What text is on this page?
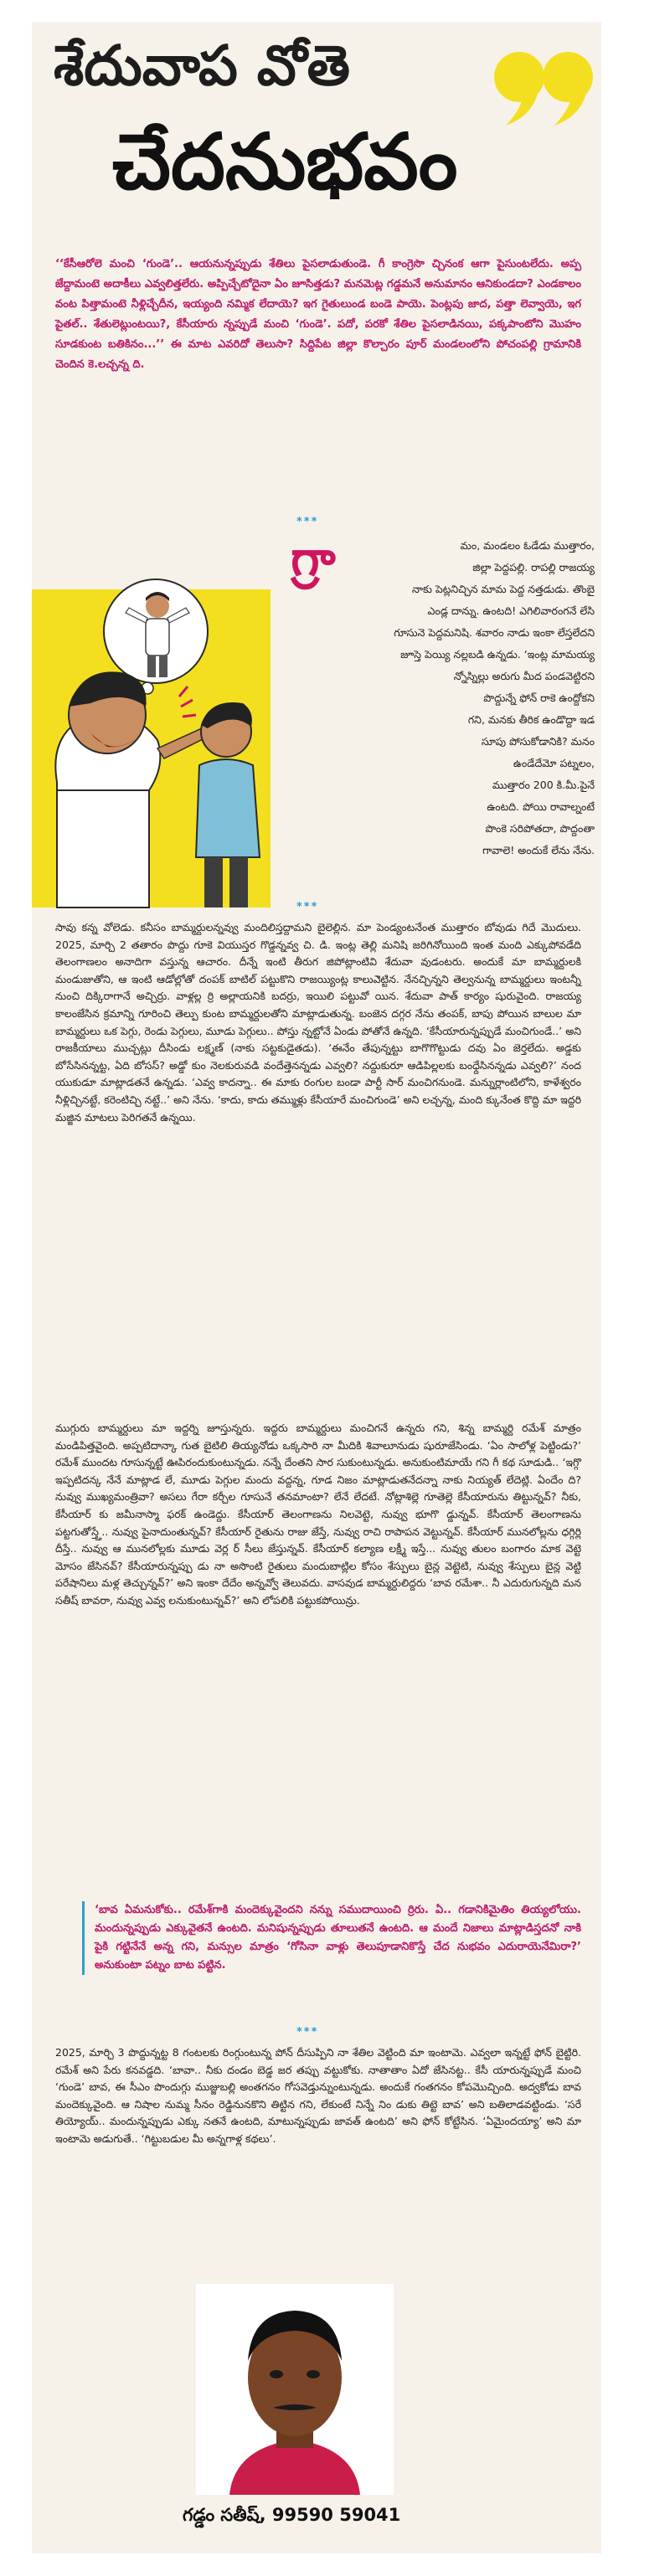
శేదువాప వోతె
చేదనుభవం
‘‘కేసీఆరోలె మంచి ‘గుండె’.. ఆయనున్నప్పుడు శేతిలు పైసలాడుతుండె. గీ కాంగ్రెసొ చ్చినంక ఆగా పైసుంటలేదు. అప్ప జేద్దామంటె అదాకీలు ఎవ్వలిత్తలేరు. అప్పిచ్చేటోదైనా ఏం జూసిత్తడు? మనమెట్ల గడ్డమనే అనుమానం ఆనికుండదా? ఎండకాలం వంట పిత్తామంటె నీళ్లిచ్చేదీన, ఇయ్యంది నమ్మిక లేదాయె? ఇగ గైతులుండ బండె పాయె. పెంట్లపు జాద, పత్తా లెవ్వాయె, ఇగ పైతల్‌.. శేతులెట్లుంటయి?, కేసీయారు న్నప్పుడే మంచి ‘గుండె’. పదో, పరకో శేతిల పైసలాడినయి, పక్కపాంటోని మొహం సూడకుంట బతికినం...’’ ఈ మాట ఎవరిదో తెలుసా? సిద్దిపేట జిల్లా కొల్చారం పూర్ మండలంలోని పోచంపల్లి గ్రామానికి చెందిన కె.లచ్చన్న ది.
***
గ్రా	మం, మండలం ఓడేడు ముత్తారం,
జిల్లా పెద్దపల్లి. రాపల్లి రాజయ్య
నాకు పెట్లనిచ్చిన మామ పెద్ద నత్తడుడు. తొంబై
ఎండ్ల దాన్ను. ఉంటది! ఎగిలివారంగనే లేసి
గూసునె పెద్దమనిషి. శవారం నాడు ఇంకా లేస్తలేదని
జూస్తె పెయ్యి నల్లబడి ఉన్నడు. ‘ఇంట్ల మామయ్య
న్నోస్నిల్లు అరుగు మీద పండవెట్టిరని
పొద్దున్నే ఫోన్ రాకె ఉంద్దోకని
గని, మనకు తీరిక ఉండొద్దా ఇడ
సూపు పోసుకోడానికి? మనం
ఉండేదేమో పట్నలం,
ముత్తారం 200 కి.మీ.పైనే
ఉంటది. పోయి రావాల్నంటే
పొంకె సరిపోతదా, పొద్దంతా
గావాలె! అందుకే లేను నేను.
***
సావు కన్న వోలెడు. కనీసం బామ్మర్దులన్నవ్వు మందిలిస్తద్దామని బైలెల్లిన. మా పెండ్యంటనేంత ముత్తారం బోవుడు గిదే మొదులు. 2025, మార్చి 2 తతారం పొద్దు గూకె వియుస్తర గొడ్డన్నవ్వ చి. డి. ఇంట్ల తెల్లి మనిషి జరిగినోయింది ఇంత మంది ఎక్కుపోవడేది తెలంగాణలం అనాదిగా వస్తున్న ఆచారం. దీన్నే ఇంటి తీరుగ జిపోట్లాంటివి శేదువా వుడంటరు. అందుకే మా బామ్మర్దులకి మండుజుతోని, ఆ ఇంటి ఆడోల్లోతో దంపక్ బాటిల్ పట్టుకొని రాజయ్యింట్ల కాలుఎెట్టిన. నేనచ్చిన్నని తెల్వనున్న బామ్మర్దులు ఇంటన్నీ నుంచి దిక్కిరాగానే అచ్చిర్రు. వాళ్లల్ల ర్రి అల్లాయనికి బదర్రు, ఇయిలి పట్టువో యిన. శేదువా పాత్‌ కార్యం షురువైంది. రాజయ్య కాలంజేసిన క్రమాన్ని గూరించి తెల్పు కుంట బామ్మర్దులతోని మాట్లాడుతున్న. బంజెన దగ్గర నేను తంపక్, బాపు పోయిన బాలుల మా బామ్మర్దులు ఒక పెగ్గు, రెండు పెగ్గులు, మూడు పెగ్గులు.. పోస్తు న్నట్టోనే ఏండు పోతోనే ఉన్నది. ‘కేసీయారున్నప్పుడే మంచిగుండే..’ అని రాజకీయాలు ముచ్చట్లు దీసిండు లక్ష్మణ్ (నాకు సట్టకుడైతడు). ‘ఈనేం తేపున్నట్టు బాగొగొట్టుడు దవు ఏం జెర్తలేదు. అడ్డకు బోసేసినన్నట్ట, ఏది బోసస్? అడ్డో కుం నెలకురువడి వందేత్తెనన్నడు ఎవ్వలి? నద్దుకురూ ఆడిపిల్లలకు బంధ్దేసినన్నడు ఎవ్వలి?’ నంద యుకుడూ మాట్లాడతనే ఉన్నడు. ‘ఎవ్వ కాదన్నా.. ఈ మాకు రంగుల బండా పార్టీ సార్ మంచిగనుండె. మన్నుర్లాంటిలోని, కాళేశ్వరం నీళ్లిచ్చినట్టే, కరెంటిచ్చి నట్టే..’ అని నేను. ‘కాదు, కాదు తమ్ముళ్లు కేసీయారే మంచిగుండె’ అని లచ్చన్న, మంది క్కునేంత కొద్ది మా ఇద్దరి మజ్జిన మాటలు పెరిగతనే ఉన్నయి.
ముగ్గురు బామ్మర్దులు మా ఇద్దర్ని జూస్తున్నరు. ఇద్దరు బామ్మర్దులు మంచిగనే ఉన్నరు గని, శిన్న బామ్మర్ది రమేశ్ మాత్రం మండిపిత్తవైంది. అప్పటిదాన్కా గుత బైటిలి తియ్యనోడు ఒక్కసారి నా మీదికి శివాలూనుడు షురూజేసిండు. ‘ఏం సాలోళ్ల పెట్టిండు?’ రమేశ్ ముందట గూసున్నట్టే ఊపిరందుకుంటున్నడు. నన్నే దేంతని సార సుకుంటున్నడు. అనుకుంటిమాయే గని గీ కథ సూడుడి.. ‘ఇగ్గొ ఇప్పటిదన్క నేనే మాట్లాడ లే, మూడు పెగ్గుల మందు వద్దన్న, గూడ నిజం మాట్లాడుతనేదన్నా నాకు నియ్యత్‌ లేదెట్లి. ఏందేం ది? నువ్వు ముఖ్యమంత్రివా? అసలు గేరా కర్చీల గూసునే తనమాంటా? లేనే లేదటే. నోట్లాశిల్లె గూతెల్లె కేసీయారును తిట్టున్నవ్‌? నీకు, కేసీయార్ కు జమీనాస్మా ఫరక్ ఉండెద్దు. కేసీయార్ తెలంగాణను నిలవెట్టె, నువ్వు భూగొ డ్డున్నవ్. కేసీయార్ తెలంగాణను పట్టగుతోస్త్తే.. నువ్వు పైనాదుంతున్నవ్‌? కేసీయార్ రైతును రాజు జేస్తే, నువ్వు రాచి రాపాపన వెట్టున్నవ్. కేసీయార్ మునలోల్లను ధగ్గిర్లి దీస్తే.. నువ్వు ఆ మునలోల్లకు మూడు వెర్ల ర్ సీలు జేస్తున్నవ్. కేసీయార్ కల్యాణ లక్ష్మీ ఇస్తే... నువ్వు తులం బంగారం మాక వెట్టె మోసం జేసినవ్? కేసీయారున్నప్పు డు నా అసొంటి రైతులు మందుబాట్లిల కోసం శేస్పులు బైన్ల వెట్టెటి, నువ్వు శేస్పులు బైన్ల వెట్టి పరేషానిలు మళ్ల తెచ్చున్నవ్?’ అని ఇంకా దేదేం అన్నవ్వో తెలువదు. వాసవుడ బామ్మర్దులిద్దరు ‘బావ రమేశా.. నీ ఎదురుగున్నది మన సతీష్ బావరా, నువ్వు ఎవ్వ లనుకుంటున్నవ్‌?’ అని లోపలికి పట్టుకపోయిన్రు.
‘బావ ఏమనుకోకు.. రమేశ్‌గాకి మందెక్కువైందని నన్ను సముదాయించి ర్రిరు. ఏ.. గడానికిమైతిం తియ్యలోయు. మందున్నప్పుడు ఎక్కువైతనే ఉంటది. మనిషున్నప్పుడు తూలుతనే ఉంటది. ఆ మందే నిజాలు మాట్లాడిస్తదనో నాకి పైకి గట్టినేనే అన్న గని, మన్సుల మాత్రం ‘గోసినా వాళ్లు తెలుపూడానికొస్తే చేద నుభవం ఎదురాయెనేమిరా?’ అనుకుంటా పట్నం బాట పట్టిన.
***
2025, మార్చి 3 పొద్దున్నట్ట 8 గంటలకు రింగ్గుంటున్న పోన్ దీసుప్పిని నా శేతిల వెట్టింది మా ఇంటామె. ఎవ్వలా ఇన్నట్టే ఫోన్ బైట్టిరి. రమేశ్ అని పేరు కనవడ్డది. ‘బావా.. నీకు దండం బెడ్డ జర తప్పు వట్టుకోకు. నాతాతాం ఏదో జేసినట్ట.. కేసీ యారున్నప్పుడే మంచి ‘గుండె’ బావ, ఈ సీఎం పొందుగ్గు ముజ్జుబల్లి అంతగనం గోసవెడ్తున్నుంటున్నడు. అందుకే గంతగనం కోపమొచ్చింది. అద్వకోడు బావ మందెక్కువైంది. ఆ నిషాల నుమ్మ సీనం రెడ్డినునకొని తిట్టిన గని, లేకుంటే నిన్నే నిం డుకు తిట్టె బావ’ అని బతిలాడవట్టిండు. ‘సరే తియ్యోయ్‌.. మందున్నప్పుడు ఎక్కు నతనే ఉంటది, మాటున్నప్పుడు జావత్ ఉంటది’ అని ఫోన్ కోట్టేసిన. ‘ఏమైందయ్యా’ అని మా ఇంటామె అడుగుతే.. ‘గిట్టుబడుల మీ అన్నగాళ్ల కథలు’.
గడ్డం సతీష్, 99590 59041
